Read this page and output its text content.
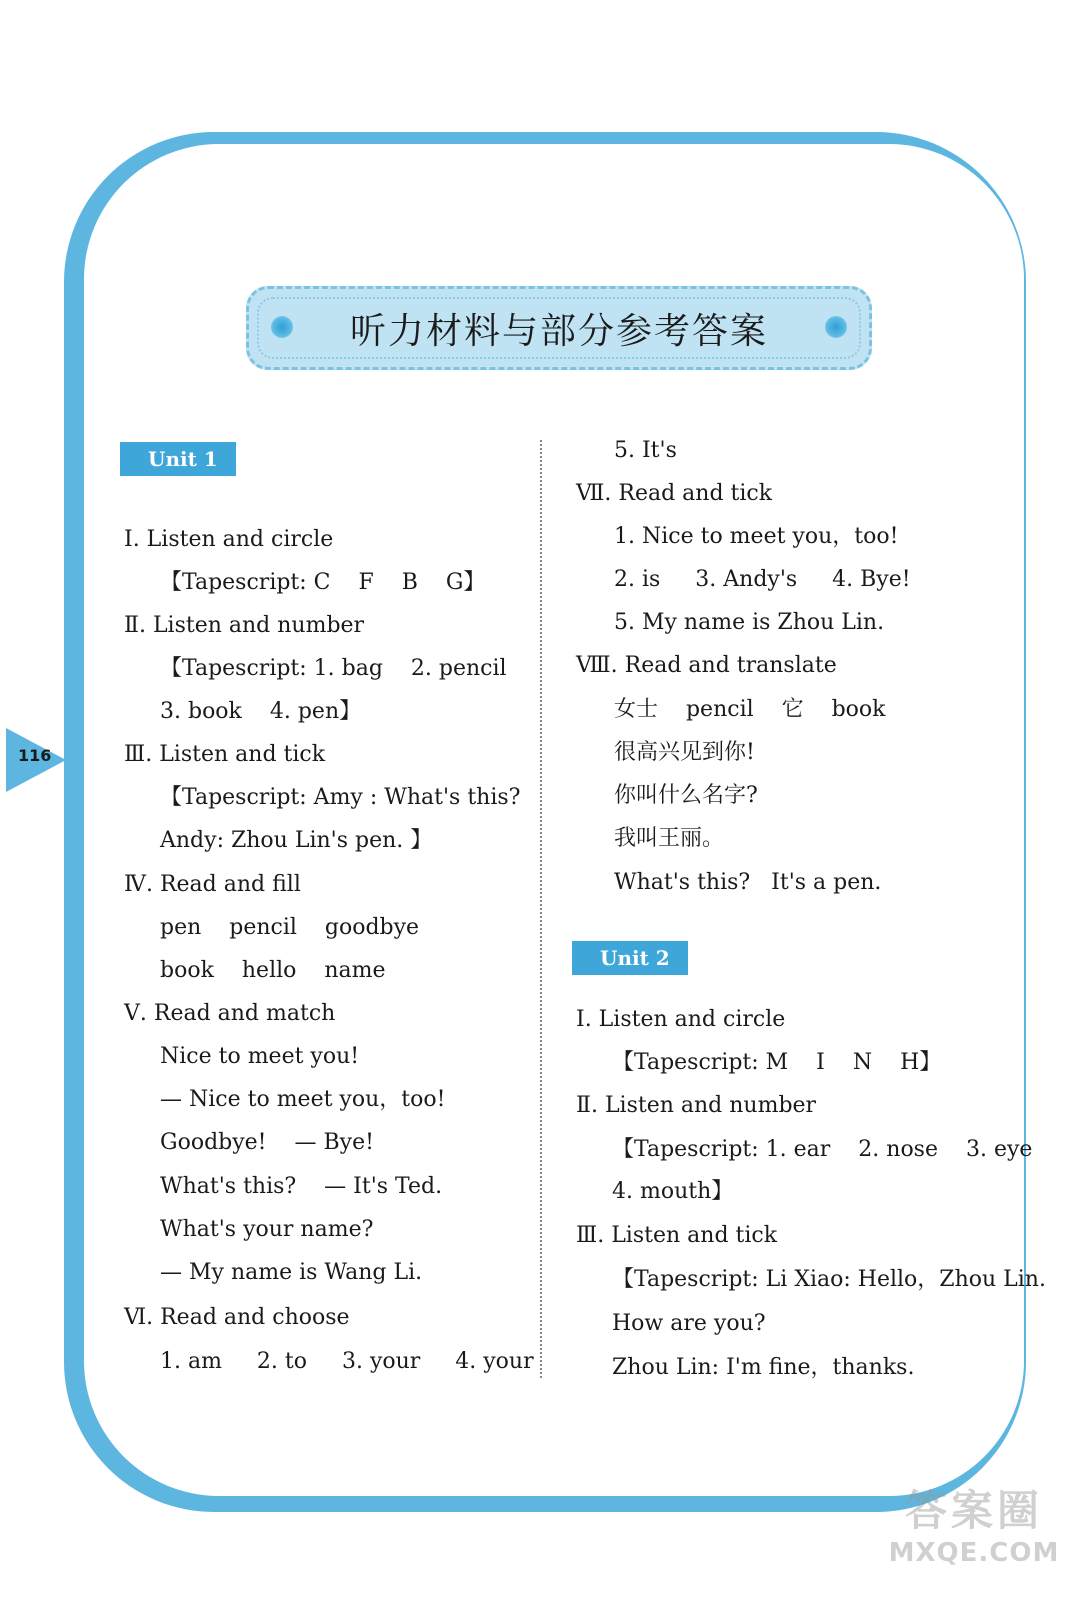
听力材料与部分参考答案
116
Unit 1
Ⅰ. Listen and circle
【Tapescript: C    F    B    G】
Ⅱ. Listen and number
【Tapescript: 1. bag    2. pencil
3. book    4. pen】
Ⅲ. Listen and tick
【Tapescript: Amy : What's this?
Andy: Zhou Lin's pen. 】
Ⅳ. Read and fill
pen    pencil    goodbye
book    hello    name
Ⅴ. Read and match
Nice to meet you!
— Nice to meet you，too!
Goodbye!    — Bye!
What's this?    — It's Ted.
What's your name?
— My name is Wang Li.
Ⅵ. Read and choose
1. am     2. to     3. your     4. your
5. It's
Ⅶ. Read and tick
1. Nice to meet you，too!
2. is     3. Andy's     4. Bye!
5. My name is Zhou Lin.
Ⅷ. Read and translate
女士    pencil    它    book
很高兴见到你!
你叫什么名字?
我叫王丽。
What's this?   It's a pen.
Unit 2
Ⅰ. Listen and circle
【Tapescript: M    I    N    H】
Ⅱ. Listen and number
【Tapescript: 1. ear    2. nose    3. eye
4. mouth】
Ⅲ. Listen and tick
【Tapescript: Li Xiao: Hello，Zhou Lin.
How are you?
Zhou Lin: I'm fine，thanks.
答案圈
MXQE.COM
